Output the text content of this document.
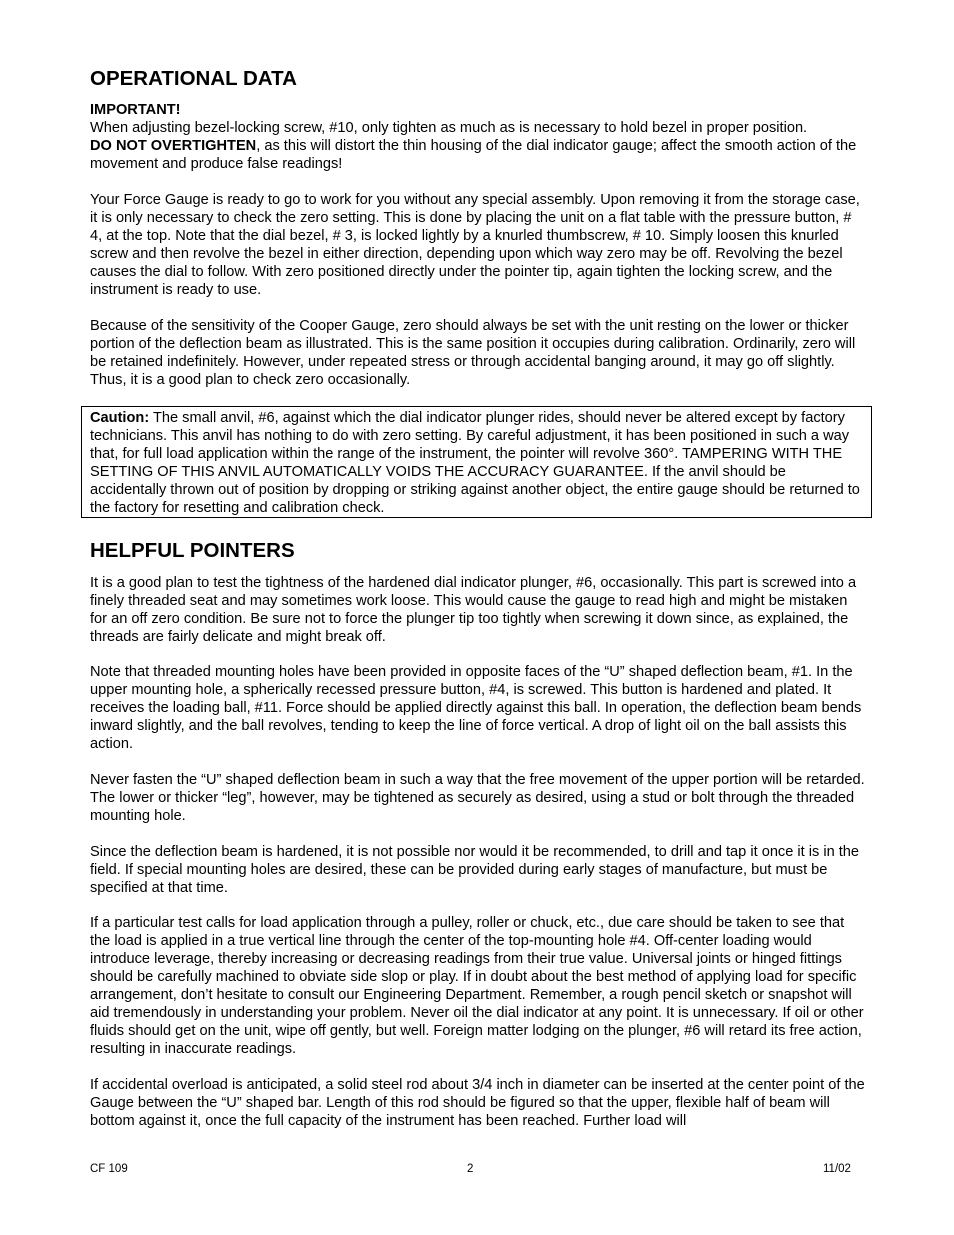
OPERATIONAL DATA
IMPORTANT!
When adjusting bezel-locking screw, #10, only tighten as much as is necessary to hold bezel in proper position.
DO NOT OVERTIGHTEN, as this will distort the thin housing of the dial indicator gauge; affect the smooth action of the movement and produce false readings!

Your Force Gauge is ready to go to work for you without any special assembly. Upon removing it from the storage case, it is only necessary to check the zero setting. This is done by placing the unit on a flat table with the pressure button, # 4, at the top. Note that the dial bezel, # 3, is locked lightly by a knurled thumbscrew, # 10. Simply loosen this knurled screw and then revolve the bezel in either direction, depending upon which way zero may be off. Revolving the bezel causes the dial to follow. With zero positioned directly under the pointer tip, again tighten the locking screw, and the instrument is ready to use.

Because of the sensitivity of the Cooper Gauge, zero should always be set with the unit resting on the lower or thicker portion of the deflection beam as illustrated. This is the same position it occupies during calibration. Ordinarily, zero will be retained indefinitely. However, under repeated stress or through accidental banging around, it may go off slightly. Thus, it is a good plan to check zero occasionally.

Caution: The small anvil, #6, against which the dial indicator plunger rides, should never be altered except by factory technicians. This anvil has nothing to do with zero setting. By careful adjustment, it has been positioned in such a way that, for full load application within the range of the instrument, the pointer will revolve 360°. TAMPERING WITH THE SETTING OF THIS ANVIL AUTOMATICALLY VOIDS THE ACCURACY GUARANTEE. If the anvil should be accidentally thrown out of position by dropping or striking against another object, the entire gauge should be returned to the factory for resetting and calibration check.
HELPFUL POINTERS

It is a good plan to test the tightness of the hardened dial indicator plunger, #6, occasionally. This part is screwed into a finely threaded seat and may sometimes work loose. This would cause the gauge to read high and might be mistaken for an off zero condition. Be sure not to force the plunger tip too tightly when screwing it down since, as explained, the threads are fairly delicate and might break off.

Note that threaded mounting holes have been provided in opposite faces of the “U” shaped deflection beam, #1. In the upper mounting hole, a spherically recessed pressure button, #4, is screwed. This button is hardened and plated. It receives the loading ball, #11. Force should be applied directly against this ball. In operation, the deflection beam bends inward slightly, and the ball revolves, tending to keep the line of force vertical. A drop of light oil on the ball assists this action.

Never fasten the “U” shaped deflection beam in such a way that the free movement of the upper portion will be retarded. The lower or thicker “leg”, however, may be tightened as securely as desired, using a stud or bolt through the threaded mounting hole.

Since the deflection beam is hardened, it is not possible nor would it be recommended, to drill and tap it once it is in the field. If special mounting holes are desired, these can be provided during early stages of manufacture, but must be specified at that time.

If a particular test calls for load application through a pulley, roller or chuck, etc., due care should be taken to see that the load is applied in a true vertical line through the center of the top-mounting hole #4. Off-center loading would introduce leverage, thereby increasing or decreasing readings from their true value. Universal joints or hinged fittings should be carefully machined to obviate side slop or play. If in doubt about the best method of applying load for specific arrangement, don’t hesitate to consult our Engineering Department. Remember, a rough pencil sketch or snapshot will aid tremendously in understanding your problem. Never oil the dial indicator at any point. It is unnecessary. If oil or other fluids should get on the unit, wipe off gently, but well. Foreign matter lodging on the plunger, #6 will retard its free action, resulting in inaccurate readings.

If accidental overload is anticipated, a solid steel rod about 3/4 inch in diameter can be inserted at the center point of the Gauge between the “U” shaped bar. Length of this rod should be figured so that the upper, flexible half of beam will bottom against it, once the full capacity of the instrument has been reached. Further load will

CF 109	2	11/02
